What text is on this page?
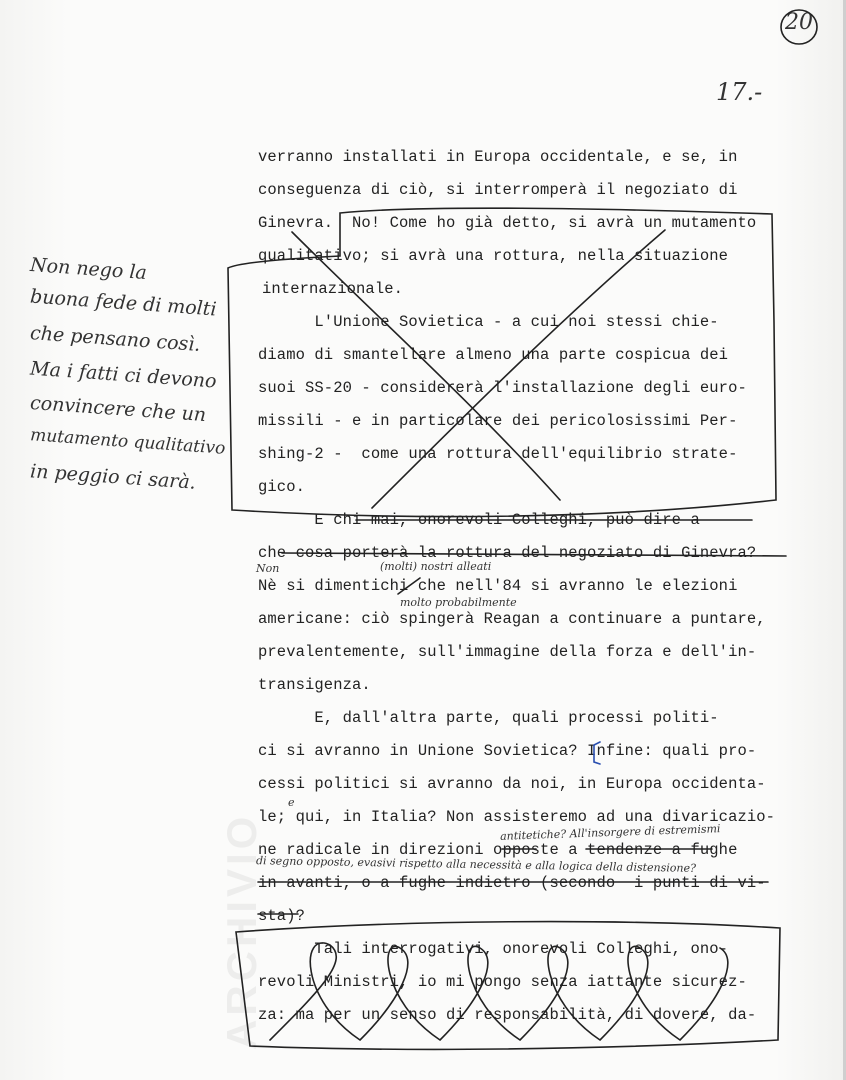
ARCHIVIO
20
17.-
Non nego la
buona fede di molti
che pensano così.
Ma i fatti ci devono
convincere che un
mutamento qualitativo
in peggio ci sarà.
verranno installati in Europa occidentale, e se, in
conseguenza di ciò, si interromperà il negoziato di
Ginevra.  No! Come ho già detto, si avrà un mutamento
qualitativo; si avrà una rottura, nella situazione
internazionale.
L'Unione Sovietica - a cui noi stessi chie-
diamo di smantellare almeno una parte cospicua dei
suoi SS-20 - considererà l'installazione degli euro-
missili - e in particolare dei pericolosissimi Per-
shing-2 -  come una rottura dell'equilibrio strate-
gico.
E chi mai, onorevoli Colleghi, può dire a
che cosa porterà la rottura del negoziato di Ginevra?
Nè si dimentichi che nell'84 si avranno le elezioni
americane: ciò spingerà Reagan a continuare a puntare,
prevalentemente, sull'immagine della forza e dell'in-
transigenza.
E, dall'altra parte, quali processi politi-
ci si avranno in Unione Sovietica? Infine: quali pro-
cessi politici si avranno da noi, in Europa occidenta-
le; qui, in Italia? Non assisteremo ad una divaricazio-
ne radicale in direzioni opposte a tendenze a fughe
in avanti, o a fughe indietro (secondo  i punti di vi-
sta)?
Tali interrogativi, onorevoli Colleghi, ono-
revoli Ministri, io mi pongo senza iattante sicurez-
za: ma per un senso di responsabilità, di dovere, da-
Non	(molti) nostri alleati
molto probabilmente
e
antitetiche? All'insorgere di estremismi
di segno opposto, evasivi rispetto alla necessità e alla logica della distensione?
